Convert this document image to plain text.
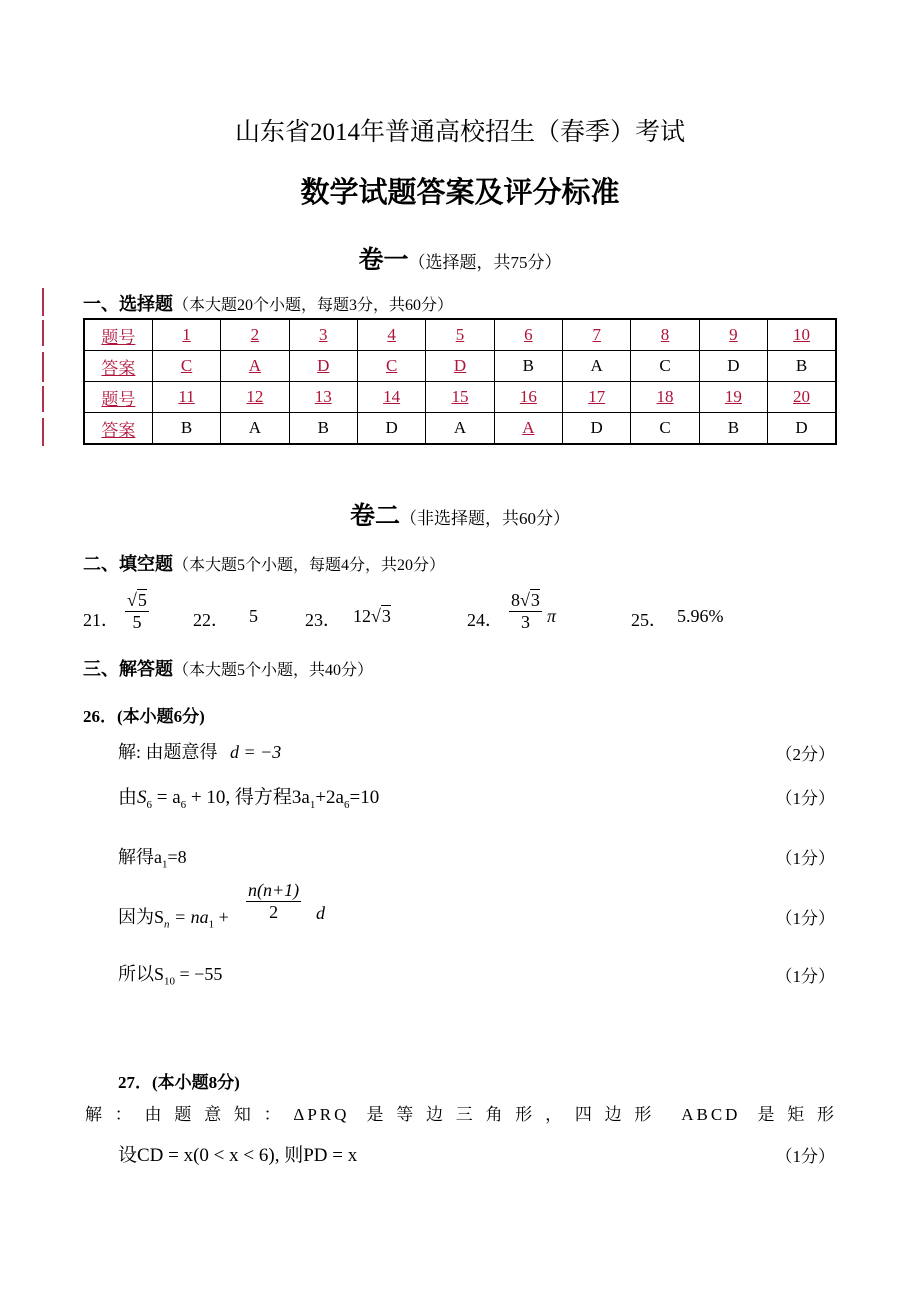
山东省2014年普通高校招生（春季）考试
数学试题答案及评分标准
卷一（选择题，共75分）
一、选择题（本大题20个小题，每题3分，共60分）
题号	1	2	3	4	5	6	7	8	9	10
答案	C	A	D	C	D	B	A	C	D	B
题号	11	12	13	14	15	16	17	18	19	20
答案	B	A	B	D	A	A	D	C	B	D
卷二（非选择题，共60分）
二、填空题（本大题5个小题，每题4分，共20分）
21． $\frac{√5}{5} 22$． 5	23． 12√3	24． $\frac{8√3}{3}$ π	25． 5.96%
三、解答题（本大题5个小题，共40分）
26．(本小题6分)
解: 由题意得 d = −3	（2分）
由$S_6 = a_6 + 10$, 得方程$3a_1+2a_6=10$	（1分）
解得$a_1=8$	（1分）
因为$S_n = na_1 + \frac{n(n+1)}{2}$ d	（1分）
所以$S_{10} = -55$	（1分）
27．(本小题8分)
解：由题意知：ΔPRQ 是等边三角形，四边形 ABCD 是矩形
设CD = x(0 < x < 6), 则PD = x	（1分）
